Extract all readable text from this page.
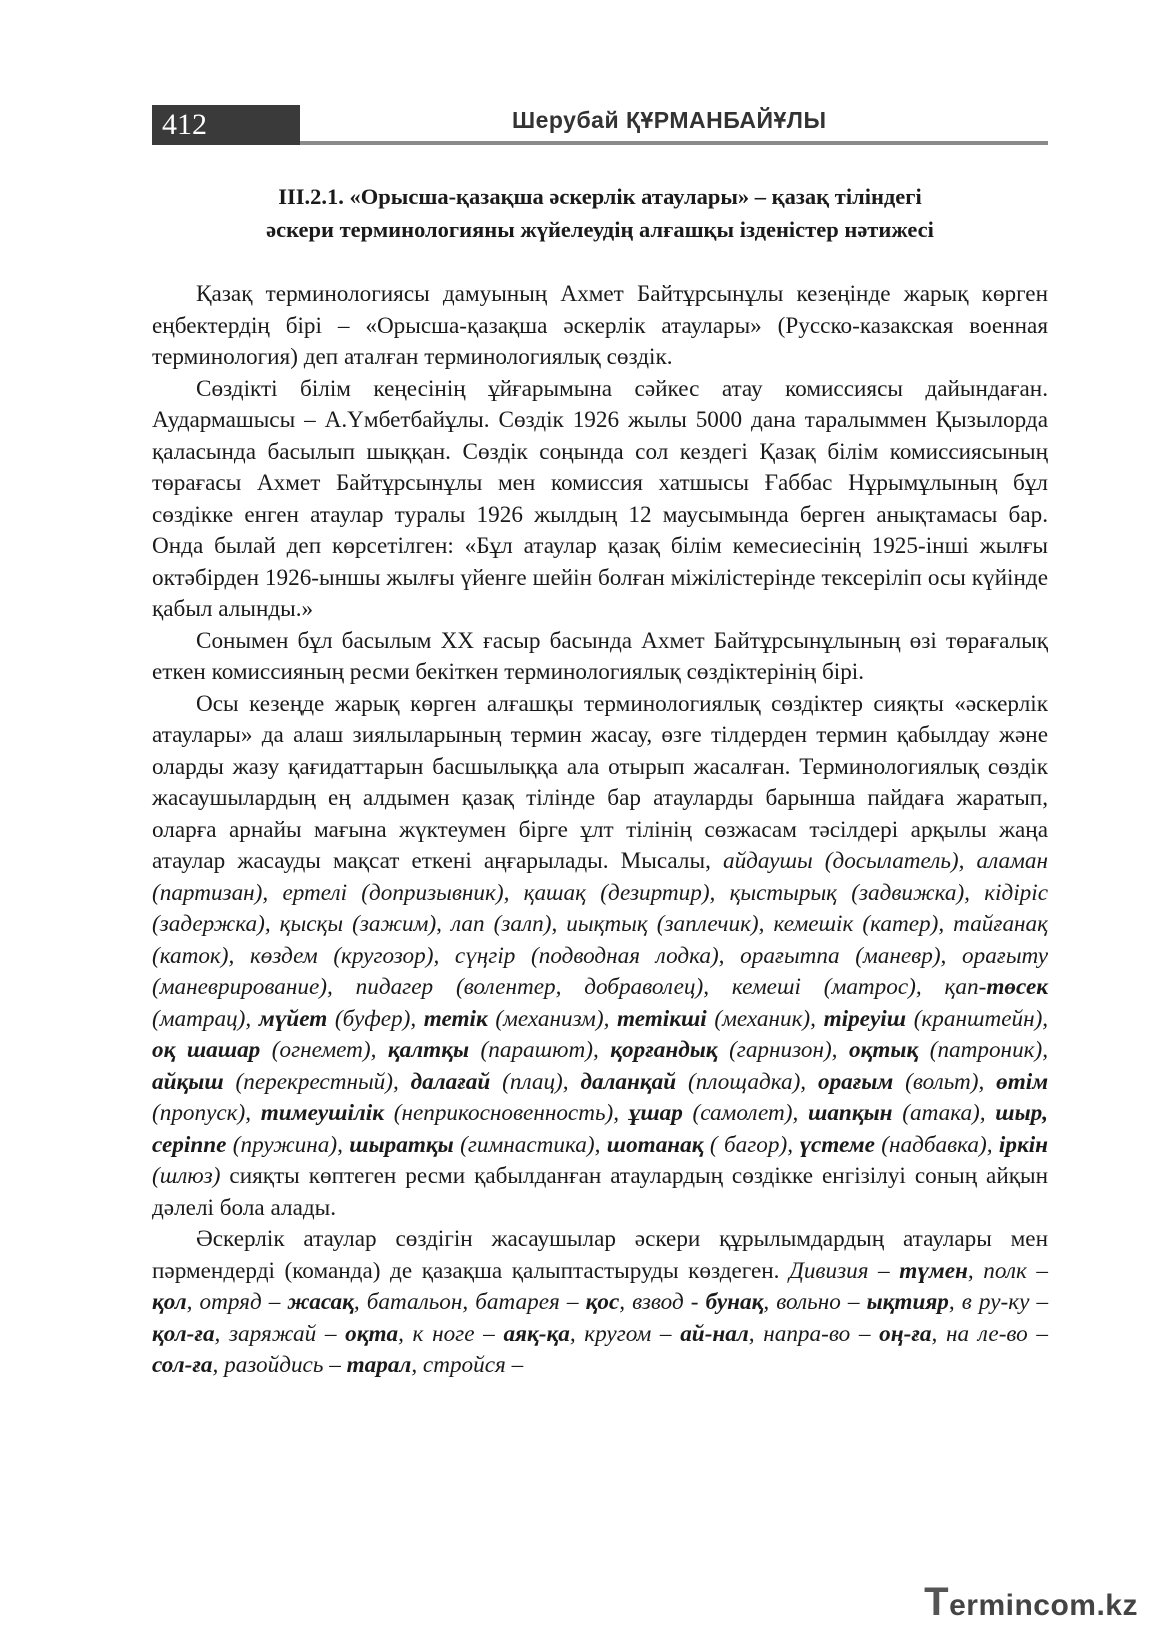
412	Шерубай ҚҰРМАНБАЙҰЛЫ
III.2.1. «Орысша-қазақша әскерлік атаулары» – қазақ тіліндегі
әскери терминологияны жүйелеудің алғашқы ізденістер нәтижесі

Қазақ терминологиясы дамуының Ахмет Байтұрсынұлы кезеңінде жарық көрген еңбектердің бірі – «Орысша-қазақша әскерлік атаулары» (Русско-казакская военная терминология) деп аталған терминологиялық сөздік.

Сөздікті білім кеңесінің ұйғарымына сәйкес атау комиссиясы дайындаған. Аудармашысы – А.Үмбетбайұлы. Сөздік 1926 жылы 5000 дана таралыммен Қызылорда қаласында басылып шыққан. Сөздік соңында сол кездегі Қазақ білім комиссиясының төрағасы Ахмет Байтұрсынұлы мен комиссия хатшысы Ғаббас Нұрымұлының бұл сөздікке енген атаулар туралы 1926 жылдың 12 маусымында берген анықтамасы бар. Онда былай деп көрсетілген: «Бұл атаулар қазақ білім кемесиесінің 1925-інші жылғы октәбірден 1926-ыншы жылғы үйенге шейін болған міжілістерінде тексеріліп осы күйінде қабыл алынды.»

Сонымен бұл басылым XX ғасыр басында Ахмет Байтұрсынұлының өзі төрағалық еткен комиссияның ресми бекіткен терминологиялық сөздіктерінің бірі.

Осы кезеңде жарық көрген алғашқы терминологиялық сөздіктер сияқты «әскерлік атаулары» да алаш зиялыларының термин жасау, өзге тілдерден термин қабылдау және оларды жазу қағидаттарын басшылыққа ала отырып жасалған. Терминологиялық сөздік жасаушылардың ең алдымен қазақ тілінде бар атауларды барынша пайдаға жаратып, оларға арнайы мағына жүктеумен бірге ұлт тілінің сөзжасам тәсілдері арқылы жаңа атаулар жасауды мақсат еткені аңғарылады. Мысалы, айдаушы (досылатель), аламан (партизан), ертелі (допризывник), қашақ (дезиртир), қыстырық (задвижка), кідіріс (задержка), қысқы (зажим), лап (залп), иықтық (заплечик), кемешік (катер), тайғанақ (каток), көздем (кругозор), сүңгір (подводная лодка), орағытпа (маневр), орағыту (маневрирование), пидагер (волентер, добраволец), кемеші (матрос), қап-төсек (матрац), мүйет (буфер), тетік (механизм), тетікші (механик), тіреуіш (кранштейн), оқ шашар (огнемет), қалтқы (парашют), қорғандық (гарнизон), оқтық (патроник), айқыш (перекрестный), далағай (плац), даланқай (площадка), орағым (вольт), өтім (пропуск), тимеушілік (неприкосновенность), ұшар (самолет), шапқын (атака), шыр, серіппе (пружина), шыратқы (гимнастика), шотанақ ( багор), үстеме (надбавка), іркін (шлюз) сияқты көптеген ресми қабылданған атаулардың сөздікке енгізілуі соның айқын дәлелі бола алады.

Әскерлік атаулар сөздігін жасаушылар әскери құрылымдардың атаулары мен пәрмендерді (команда) де қазақша қалыптастыруды көздеген. Дивизия – түмен, полк – қол, отряд – жасақ, батальон, батарея – қос, взвод - бунақ, вольно – ықтияр, в ру-ку – қол-ға, заряжай – оқта, к ноге – аяқ-қа, кругом – ай-нал, напра-во – оң-ға, на ле-во – сол-ға, разойдись – тарал, стройся –

Termincom.kz
